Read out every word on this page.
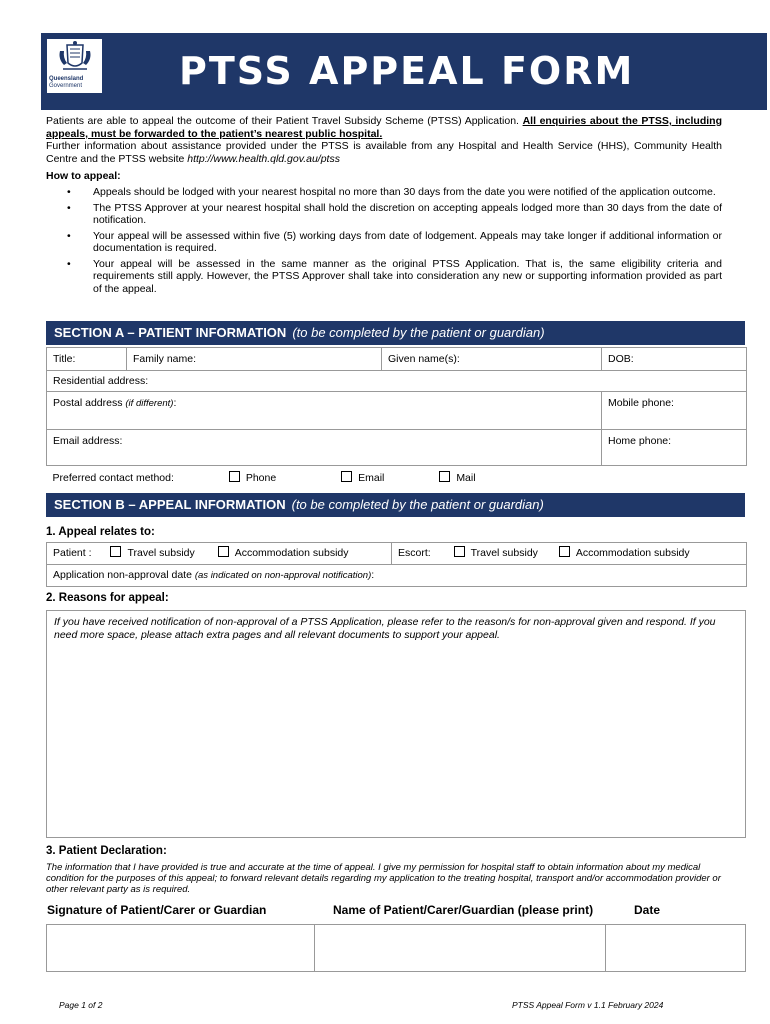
Queensland
Government	PTSS APPEAL FORM

Patients are able to appeal the outcome of their Patient Travel Subsidy Scheme (PTSS) Application. All enquiries about the PTSS, including appeals, must be forwarded to the patient’s nearest public hospital.

Further information about assistance provided under the PTSS is available from any Hospital and Health Service (HHS), Community Health Centre and the PTSS website http://www.health.qld.gov.au/ptss

How to appeal:
• Appeals should be lodged with your nearest hospital no more than 30 days from the date you were notified of the application outcome.
• The PTSS Approver at your nearest hospital shall hold the discretion on accepting appeals lodged more than 30 days from the date of notification.
• Your appeal will be assessed within five (5) working days from date of lodgement. Appeals may take longer if additional information or documentation is required.
• Your appeal will be assessed in the same manner as the original PTSS Application. That is, the same eligibility criteria and requirements still apply. However, the PTSS Approver shall take into consideration any new or supporting information provided as part of the appeal.
SECTION A – PATIENT INFORMATION (to be completed by the patient or guardian)
Title:	Family name:	Given name(s):	DOB:
Residential address:			
Postal address (if different):			Mobile phone:
Email address:			Home phone:
Preferred contact method: Phone Email Mail			
SECTION B – APPEAL INFORMATION (to be completed by the patient or guardian)
1. Appeal relates to:
Patient :	Travel subsidy	Accommodation subsidy	Escort:	Travel subsidy	Accommodation subsidy
Application non-approval date (as indicated on non-approval notification):
2. Reasons for appeal:
If you have received notification of non-approval of a PTSS Application, please refer to the reason/s for non-approval given and respond. If you need more space, please attach extra pages and all relevant documents to support your appeal.
3. Patient Declaration:
The information that I have provided is true and accurate at the time of appeal. I give my permission for hospital staff to obtain information about my medical condition for the purposes of this appeal; to forward relevant details regarding my application to the treating hospital, transport and/or accommodation provider or other relevant party as is required.
Signature of Patient/Carer or Guardian	Name of Patient/Carer/Guardian (please print)	Date

Page 1 of 2	PTSS Appeal Form v 1.1 February 2024
